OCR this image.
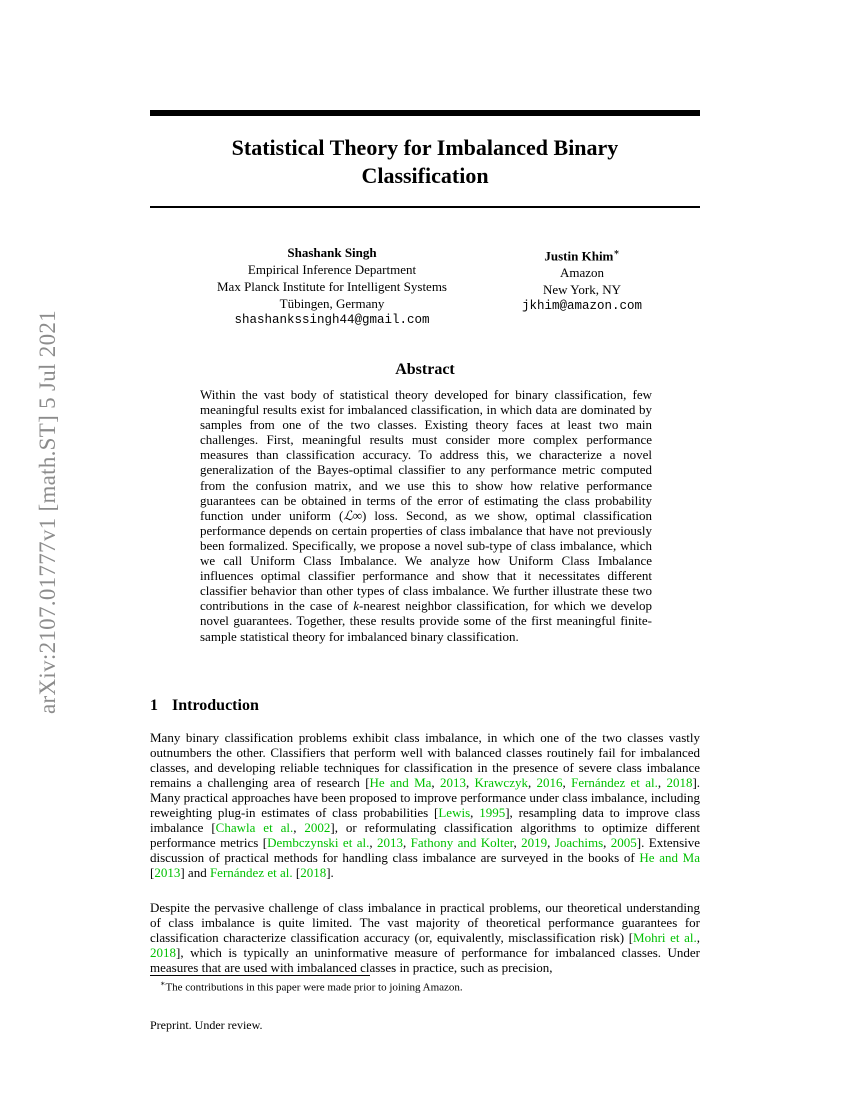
arXiv:2107.01777v1 [math.ST] 5 Jul 2021
Statistical Theory for Imbalanced Binary
Classification
Shashank Singh
Empirical Inference Department
Max Planck Institute for Intelligent Systems
Tübingen, Germany
shashankssingh44@gmail.com
Justin Khim∗
Amazon
New York, NY
jkhim@amazon.com
Abstract
Within the vast body of statistical theory developed for binary classification, few meaningful results exist for imbalanced classification, in which data are dominated by samples from one of the two classes. Existing theory faces at least two main challenges. First, meaningful results must consider more complex performance measures than classification accuracy. To address this, we characterize a novel generalization of the Bayes-optimal classifier to any performance metric computed from the confusion matrix, and we use this to show how relative performance guarantees can be obtained in terms of the error of estimating the class probability function under uniform (ℒ∞) loss. Second, as we show, optimal classification performance depends on certain properties of class imbalance that have not previously been formalized. Specifically, we propose a novel sub-type of class imbalance, which we call Uniform Class Imbalance. We analyze how Uniform Class Imbalance influences optimal classifier performance and show that it necessitates different classifier behavior than other types of class imbalance. We further illustrate these two contributions in the case of k-nearest neighbor classification, for which we develop novel guarantees. Together, these results provide some of the first meaningful finite-sample statistical theory for imbalanced binary classification.
1 Introduction
Many binary classification problems exhibit class imbalance, in which one of the two classes vastly outnumbers the other. Classifiers that perform well with balanced classes routinely fail for imbalanced classes, and developing reliable techniques for classification in the presence of severe class imbalance remains a challenging area of research [He and Ma, 2013, Krawczyk, 2016, Fernández et al., 2018]. Many practical approaches have been proposed to improve performance under class imbalance, including reweighting plug-in estimates of class probabilities [Lewis, 1995], resampling data to improve class imbalance [Chawla et al., 2002], or reformulating classification algorithms to optimize different performance metrics [Dembczynski et al., 2013, Fathony and Kolter, 2019, Joachims, 2005]. Extensive discussion of practical methods for handling class imbalance are surveyed in the books of He and Ma [2013] and Fernández et al. [2018].
Despite the pervasive challenge of class imbalance in practical problems, our theoretical understanding of class imbalance is quite limited. The vast majority of theoretical performance guarantees for classification characterize classification accuracy (or, equivalently, misclassification risk) [Mohri et al., 2018], which is typically an uninformative measure of performance for imbalanced classes. Under measures that are used with imbalanced classes in practice, such as precision,
∗The contributions in this paper were made prior to joining Amazon.
Preprint. Under review.
